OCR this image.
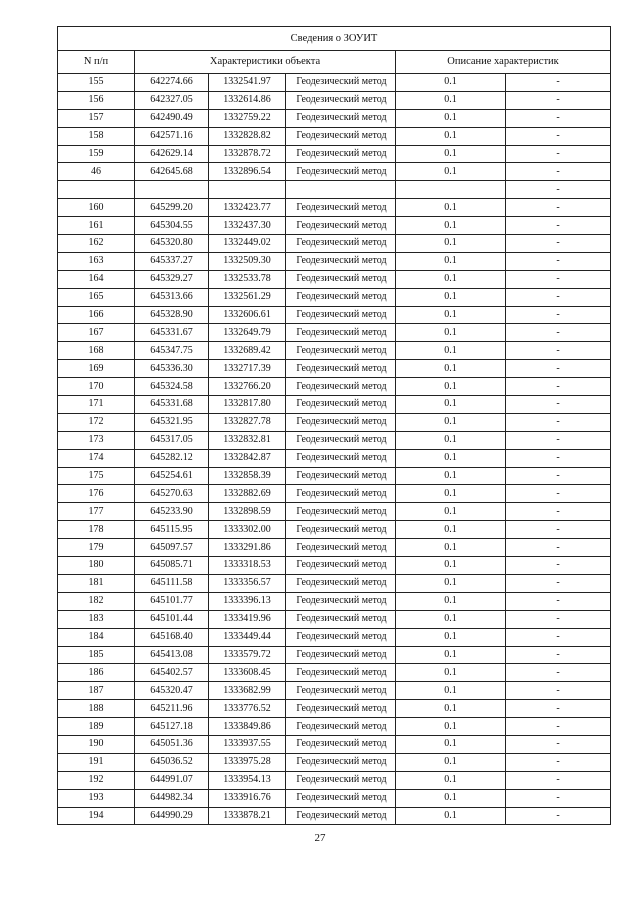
Сведения о ЗОУИТ					
N п/п	Характеристики объекта			Описание характеристик	
155	642274.66	1332541.97	Геодезический метод	0.1	-
156	642327.05	1332614.86	Геодезический метод	0.1	-
157	642490.49	1332759.22	Геодезический метод	0.1	-
158	642571.16	1332828.82	Геодезический метод	0.1	-
159	642629.14	1332878.72	Геодезический метод	0.1	-
46	642645.68	1332896.54	Геодезический метод	0.1	-
					-
160	645299.20	1332423.77	Геодезический метод	0.1	-
161	645304.55	1332437.30	Геодезический метод	0.1	-
162	645320.80	1332449.02	Геодезический метод	0.1	-
163	645337.27	1332509.30	Геодезический метод	0.1	-
164	645329.27	1332533.78	Геодезический метод	0.1	-
165	645313.66	1332561.29	Геодезический метод	0.1	-
166	645328.90	1332606.61	Геодезический метод	0.1	-
167	645331.67	1332649.79	Геодезический метод	0.1	-
168	645347.75	1332689.42	Геодезический метод	0.1	-
169	645336.30	1332717.39	Геодезический метод	0.1	-
170	645324.58	1332766.20	Геодезический метод	0.1	-
171	645331.68	1332817.80	Геодезический метод	0.1	-
172	645321.95	1332827.78	Геодезический метод	0.1	-
173	645317.05	1332832.81	Геодезический метод	0.1	-
174	645282.12	1332842.87	Геодезический метод	0.1	-
175	645254.61	1332858.39	Геодезический метод	0.1	-
176	645270.63	1332882.69	Геодезический метод	0.1	-
177	645233.90	1332898.59	Геодезический метод	0.1	-
178	645115.95	1333302.00	Геодезический метод	0.1	-
179	645097.57	1333291.86	Геодезический метод	0.1	-
180	645085.71	1333318.53	Геодезический метод	0.1	-
181	645111.58	1333356.57	Геодезический метод	0.1	-
182	645101.77	1333396.13	Геодезический метод	0.1	-
183	645101.44	1333419.96	Геодезический метод	0.1	-
184	645168.40	1333449.44	Геодезический метод	0.1	-
185	645413.08	1333579.72	Геодезический метод	0.1	-
186	645402.57	1333608.45	Геодезический метод	0.1	-
187	645320.47	1333682.99	Геодезический метод	0.1	-
188	645211.96	1333776.52	Геодезический метод	0.1	-
189	645127.18	1333849.86	Геодезический метод	0.1	-
190	645051.36	1333937.55	Геодезический метод	0.1	-
191	645036.52	1333975.28	Геодезический метод	0.1	-
192	644991.07	1333954.13	Геодезический метод	0.1	-
193	644982.34	1333916.76	Геодезический метод	0.1	-
194	644990.29	1333878.21	Геодезический метод	0.1	-
27
